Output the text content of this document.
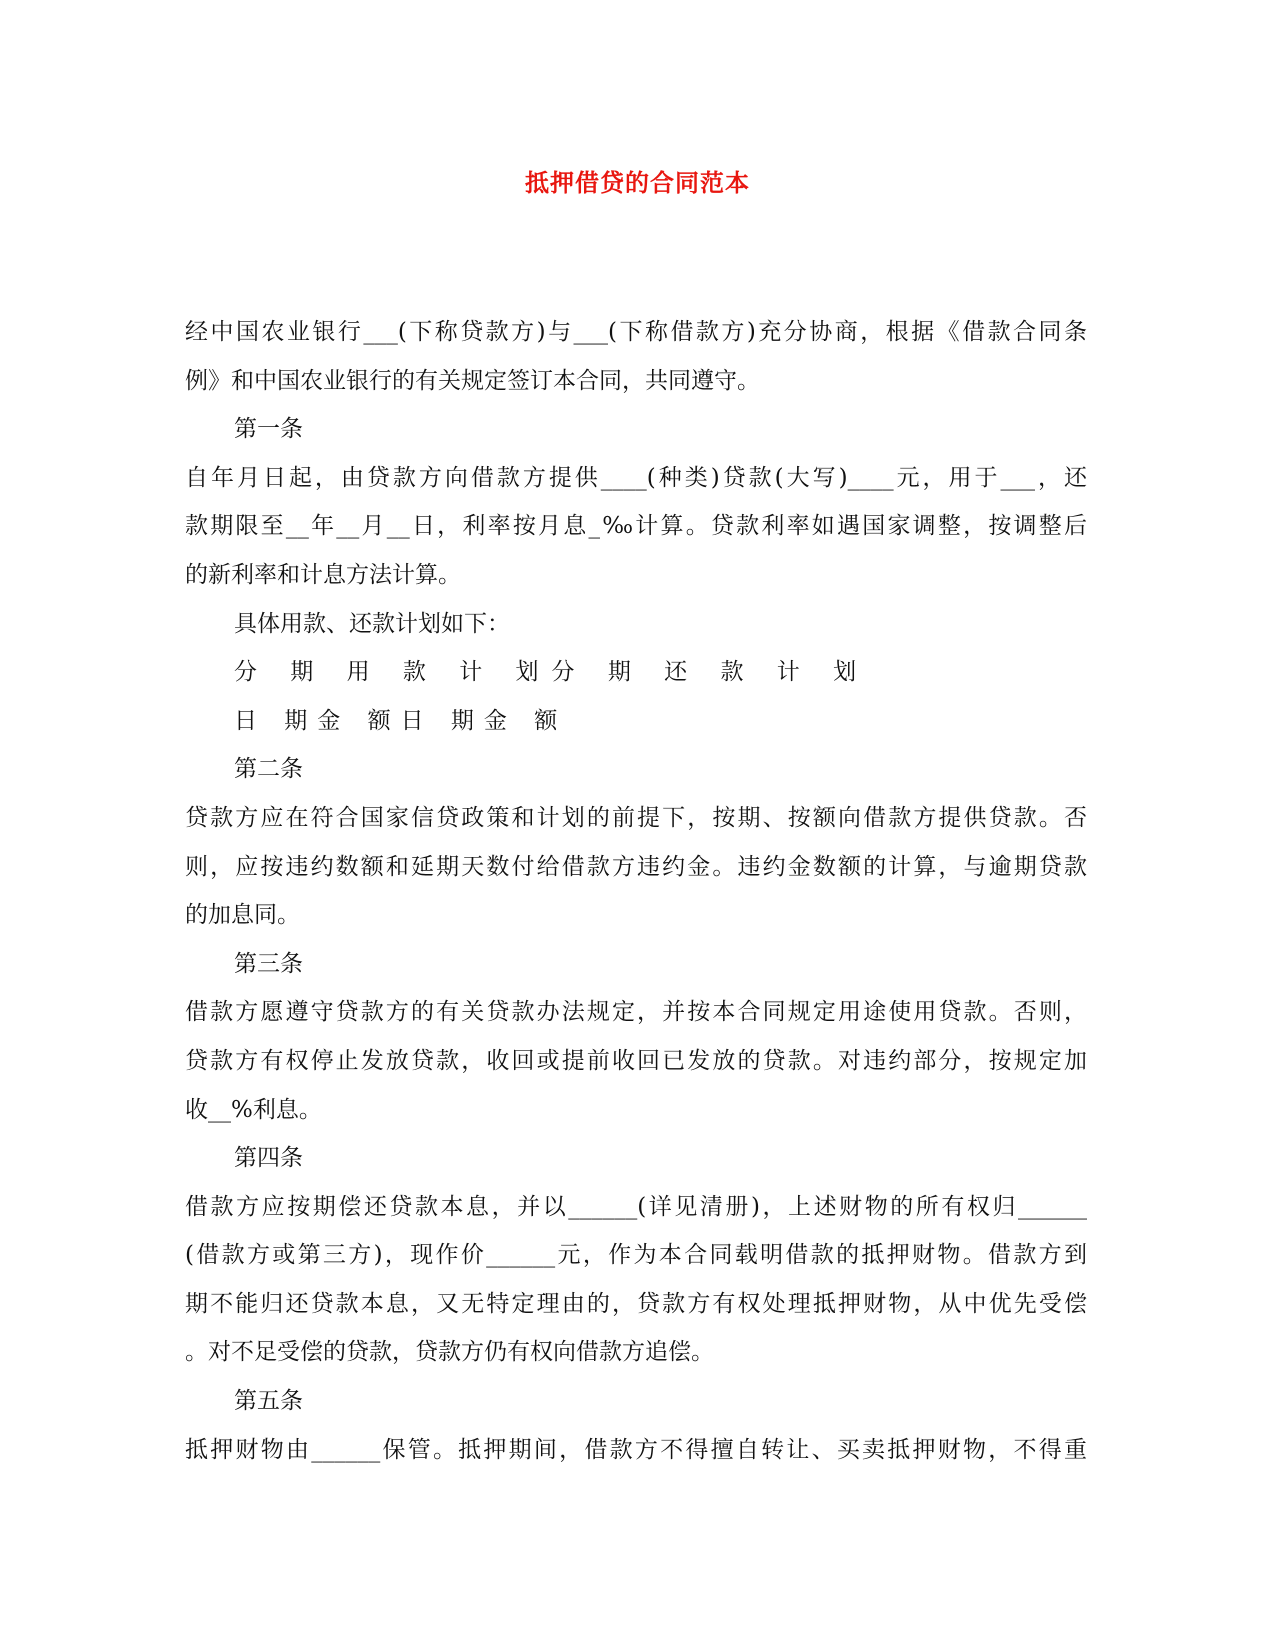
抵押借贷的合同范本

经中国农业银行___(下称贷款方)与___(下称借款方)充分协商，根据《借款合同条

例》和中国农业银行的有关规定签订本合同，共同遵守。

第一条

自年月日起，由贷款方向借款方提供____(种类)贷款(大写)____元，用于___，还

款期限至__年__月__日，利率按月息_‰计算。贷款利率如遇国家调整，按调整后

的新利率和计息方法计算。

具体用款、还款计划如下：

分 期 用 款 计 划分 期 还 款 计 划

日 期金 额日 期金 额

第二条

贷款方应在符合国家信贷政策和计划的前提下，按期、按额向借款方提供贷款。否

则，应按违约数额和延期天数付给借款方违约金。违约金数额的计算，与逾期贷款

的加息同。

第三条

借款方愿遵守贷款方的有关贷款办法规定，并按本合同规定用途使用贷款。否则，

贷款方有权停止发放贷款，收回或提前收回已发放的贷款。对违约部分，按规定加

收__%利息。

第四条

借款方应按期偿还贷款本息，并以______(详见清册)，上述财物的所有权归______

(借款方或第三方)，现作价______元，作为本合同载明借款的抵押财物。借款方到

期不能归还贷款本息，又无特定理由的，贷款方有权处理抵押财物，从中优先受偿

。对不足受偿的贷款，贷款方仍有权向借款方追偿。

第五条

抵押财物由______保管。抵押期间，借款方不得擅自转让、买卖抵押财物，不得重
